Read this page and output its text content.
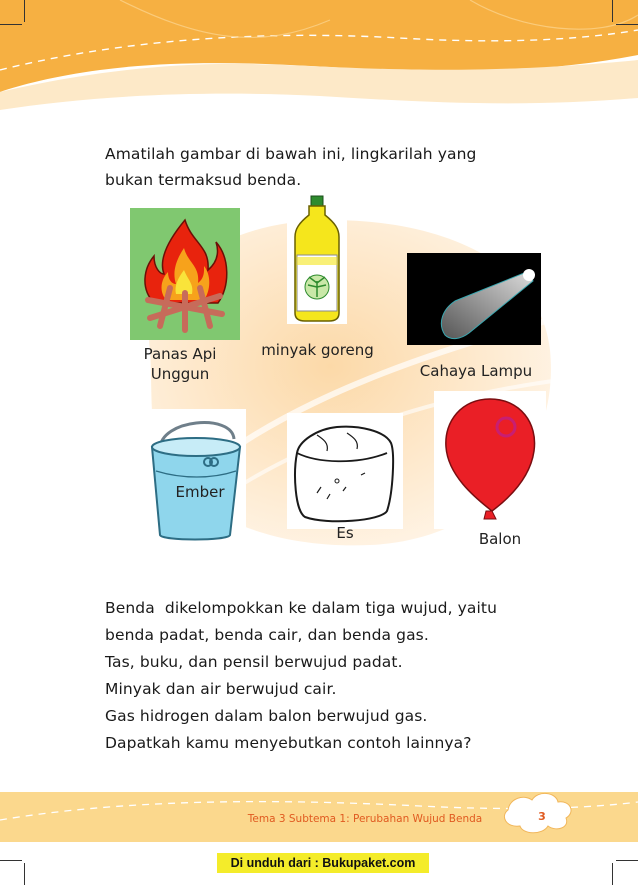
Amatilah gambar di bawah ini, lingkarilah yang
bukan termaksud benda.
Panas Api
Unggun
minyak goreng
Cahaya Lampu
Ember
Es	Balon
Benda  dikelompokkan ke dalam tiga wujud, yaitu
benda padat, benda cair, dan benda gas.
Tas, buku, dan pensil berwujud padat.
Minyak dan air berwujud cair.
Gas hidrogen dalam balon berwujud gas.
Dapatkah kamu menyebutkan contoh lainnya?
Tema 3 Subtema 1: Perubahan Wujud Benda	3
Di unduh dari : Bukupaket.com
